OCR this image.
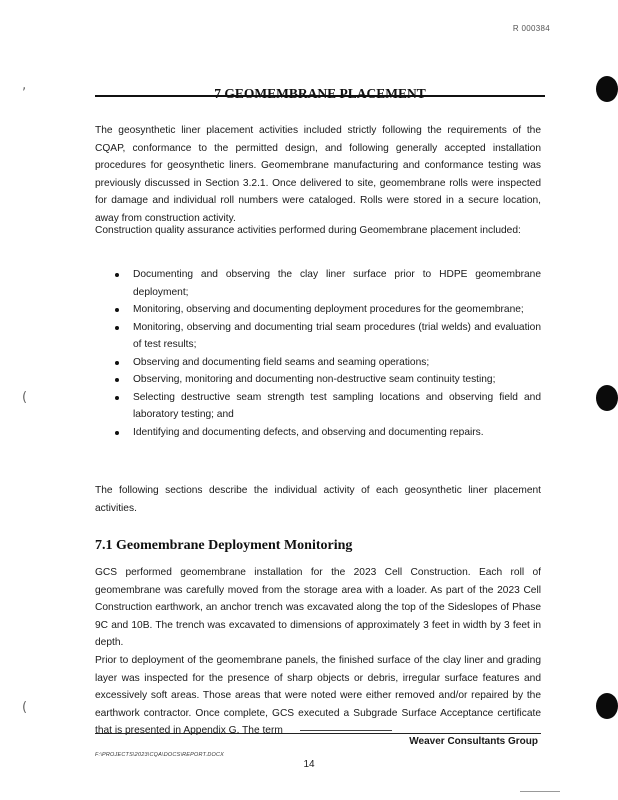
R 000384
‚
(
(
7 GEOMEMBRANE PLACEMENT

The geosynthetic liner placement activities included strictly following the requirements of the CQAP, conformance to the permitted design, and following generally accepted installation procedures for geosynthetic liners. Geomembrane manufacturing and conformance testing was previously discussed in Section 3.2.1. Once delivered to site, geomembrane rolls were inspected for damage and individual roll numbers were cataloged. Rolls were stored in a secure location, away from construction activity.

Construction quality assurance activities performed during Geomembrane placement included:

Documenting and observing the clay liner surface prior to HDPE geomembrane deployment;
Monitoring, observing and documenting deployment procedures for the geomembrane;
Monitoring, observing and documenting trial seam procedures (trial welds) and evaluation of test results;
Observing and documenting field seams and seaming operations;
Observing, monitoring and documenting non-destructive seam continuity testing;
Selecting destructive seam strength test sampling locations and observing field and laboratory testing; and
Identifying and documenting defects, and observing and documenting repairs.

The following sections describe the individual activity of each geosynthetic liner placement activities.

7.1 Geomembrane Deployment Monitoring

GCS performed geomembrane installation for the 2023 Cell Construction. Each roll of geomembrane was carefully moved from the storage area with a loader. As part of the 2023 Cell Construction earthwork, an anchor trench was excavated along the top of the Sideslopes of Phase 9C and 10B. The trench was excavated to dimensions of approximately 3 feet in width by 3 feet in depth.

Prior to deployment of the geomembrane panels, the finished surface of the clay liner and grading layer was inspected for the presence of sharp objects or debris, irregular surface features and excessively soft areas. Those areas that were noted were either removed and/or repaired by the earthwork contractor. Once complete, GCS executed a Subgrade Surface Acceptance certificate that is presented in Appendix G. The term

Weaver Consultants Group
F:\PROJECTS\2023\CQA\DOCS\REPORT.DOCX
14
